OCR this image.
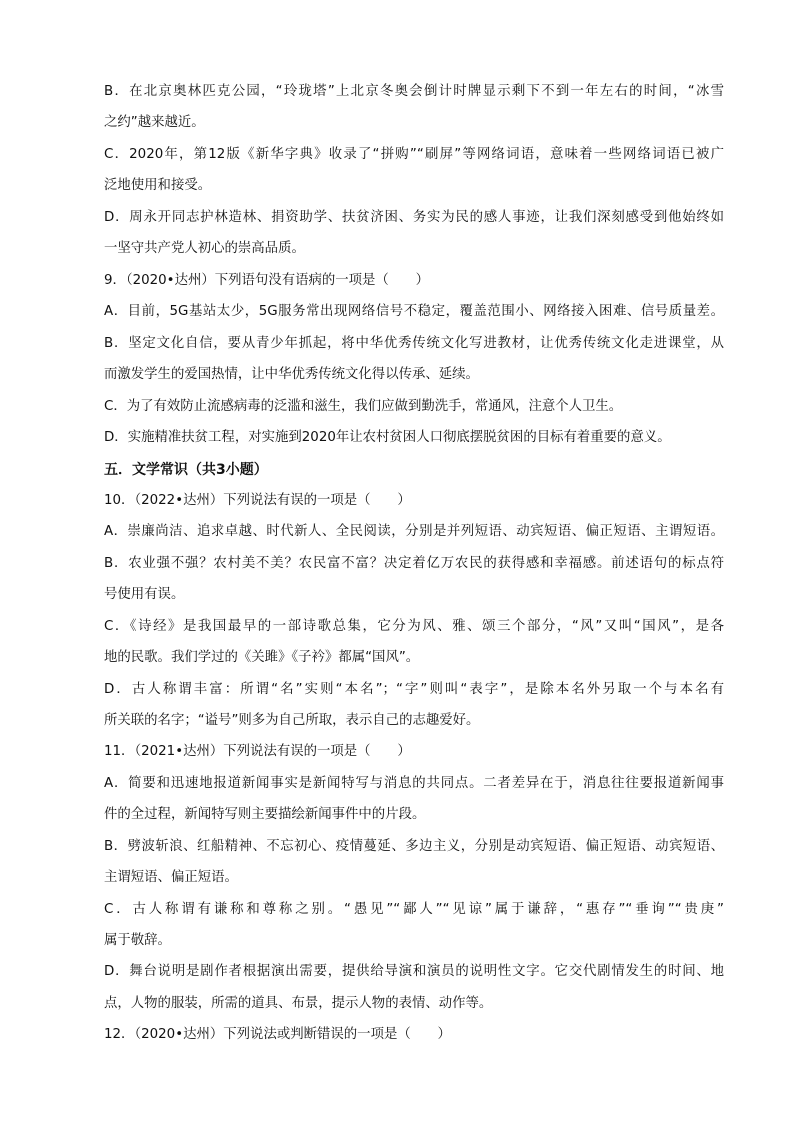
B．在北京奥林匹克公园，“玲珑塔”上北京冬奥会倒计时牌显示剩下不到一年左右的时间，“冰雪
之约”越来越近。
C．2020年，第12版《新华字典》收录了“拼购”“刷屏”等网络词语，意味着一些网络词语已被广
泛地使用和接受。
D．周永开同志护林造林、捐资助学、扶贫济困、务实为民的感人事迹，让我们深刻感受到他始终如
一坚守共产党人初心的崇高品质。
9．（2020•达州）下列语句没有语病的一项是（　　）
A．目前，5G基站太少，5G服务常出现网络信号不稳定，覆盖范围小、网络接入困难、信号质量差。
B．坚定文化自信，要从青少年抓起，将中华优秀传统文化写进教材，让优秀传统文化走进课堂，从
而激发学生的爱国热情，让中华优秀传统文化得以传承、延续。
C．为了有效防止流感病毒的泛滥和滋生，我们应做到勤洗手，常通风，注意个人卫生。
D．实施精准扶贫工程，对实施到2020年让农村贫困人口彻底摆脱贫困的目标有着重要的意义。
五．文学常识（共3小题）
10．（2022•达州）下列说法有误的一项是（　　）
A．崇廉尚洁、追求卓越、时代新人、全民阅读，分别是并列短语、动宾短语、偏正短语、主谓短语。
B．农业强不强？农村美不美？农民富不富？决定着亿万农民的获得感和幸福感。前述语句的标点符
号使用有误。
C．《诗经》是我国最早的一部诗歌总集，它分为风、雅、颂三个部分，“风”又叫“国风”，是各
地的民歌。我们学过的《关雎》《子衿》都属“国风”。
D．古人称谓丰富：所谓“名”实则“本名”；“字”则叫“表字”，是除本名外另取一个与本名有
所关联的名字；“谥号”则多为自己所取，表示自己的志趣爱好。
11．（2021•达州）下列说法有误的一项是（　　）
A．简要和迅速地报道新闻事实是新闻特写与消息的共同点。二者差异在于，消息往往要报道新闻事
件的全过程，新闻特写则主要描绘新闻事件中的片段。
B．劈波斩浪、红船精神、不忘初心、疫情蔓延、多边主义，分别是动宾短语、偏正短语、动宾短语、
主谓短语、偏正短语。
C．古人称谓有谦称和尊称之别。“愚见”“鄙人”“见谅”属于谦辞，“惠存”“垂询”“贵庚”
属于敬辞。
D．舞台说明是剧作者根据演出需要，提供给导演和演员的说明性文字。它交代剧情发生的时间、地
点，人物的服装，所需的道具、布景，提示人物的表情、动作等。
12．（2020•达州）下列说法或判断错误的一项是（　　）
